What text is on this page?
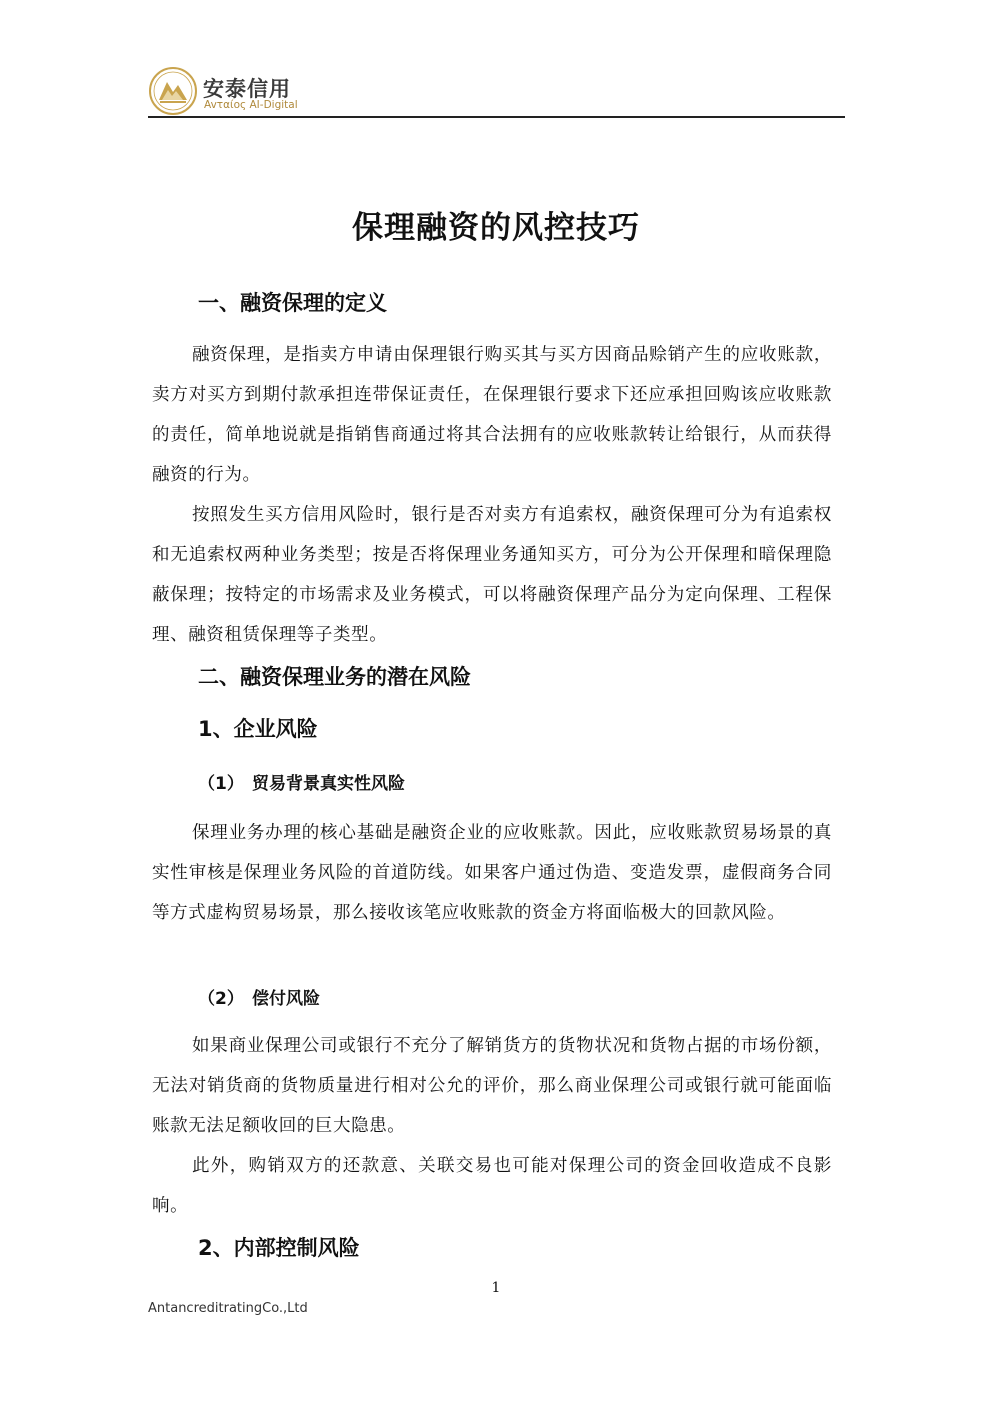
安泰信用
Avταίος AI-Digital
保理融资的风控技巧
一、融资保理的定义

融资保理，是指卖方申请由保理银行购买其与买方因商品赊销产生的应收账款，卖方对买方到期付款承担连带保证责任，在保理银行要求下还应承担回购该应收账款的责任，简单地说就是指销售商通过将其合法拥有的应收账款转让给银行，从而获得融资的行为。

按照发生买方信用风险时，银行是否对卖方有追索权，融资保理可分为有追索权和无追索权两种业务类型；按是否将保理业务通知买方，可分为公开保理和暗保理隐蔽保理；按特定的市场需求及业务模式，可以将融资保理产品分为定向保理、工程保理、融资租赁保理等子类型。

二、融资保理业务的潜在风险
1、企业风险
（1） 贸易背景真实性风险

保理业务办理的核心基础是融资企业的应收账款。因此，应收账款贸易场景的真实性审核是保理业务风险的首道防线。如果客户通过伪造、变造发票，虚假商务合同等方式虚构贸易场景，那么接收该笔应收账款的资金方将面临极大的回款风险。

（2） 偿付风险

如果商业保理公司或银行不充分了解销货方的货物状况和货物占据的市场份额，无法对销货商的货物质量进行相对公允的评价，那么商业保理公司或银行就可能面临账款无法足额收回的巨大隐患。

此外，购销双方的还款意、关联交易也可能对保理公司的资金回收造成不良影响。

2、内部控制风险
1
AntancreditratingCo.,Ltd
